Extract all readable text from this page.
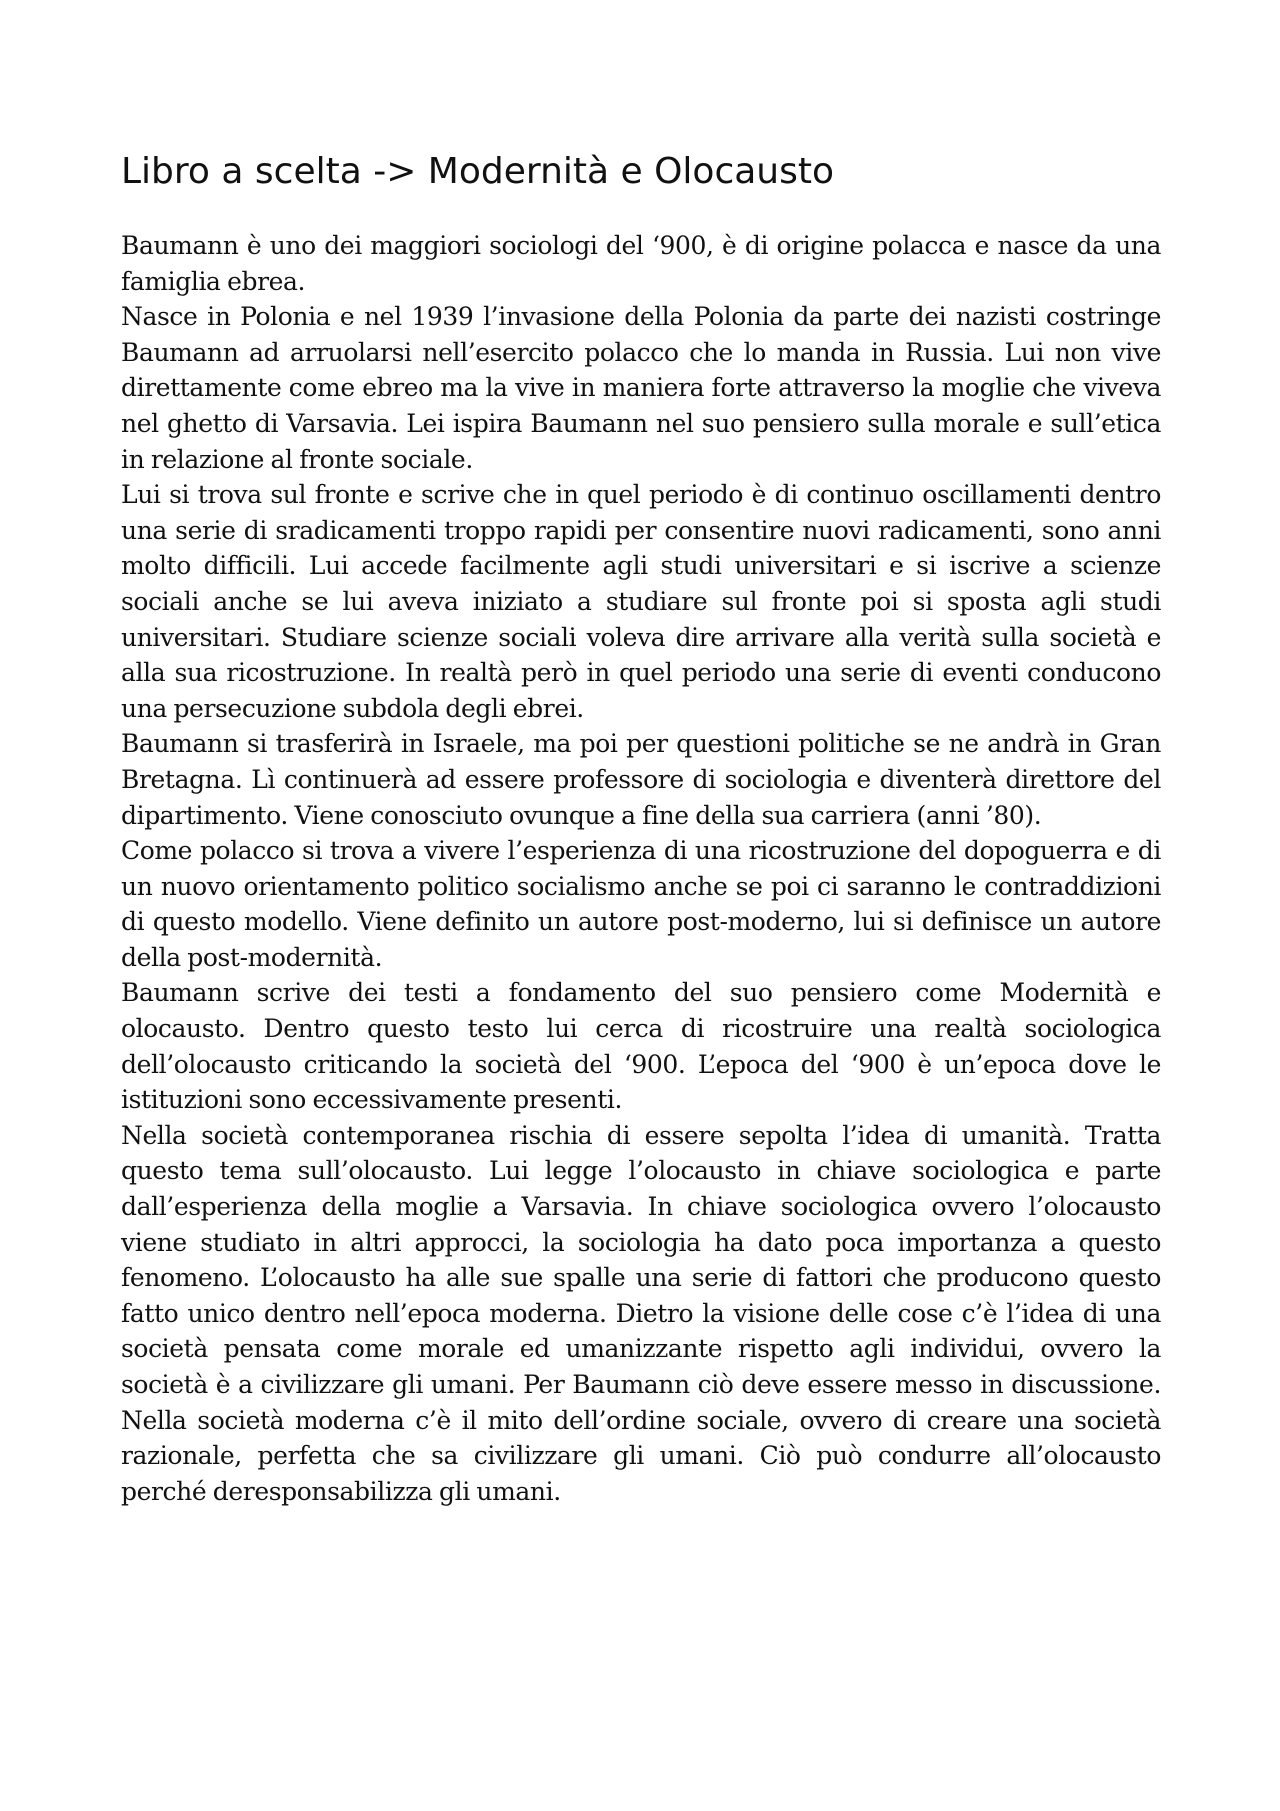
Libro a scelta -> Modernità e Olocausto

Baumann è uno dei maggiori sociologi del ‘900, è di origine polacca e nasce da una famiglia ebrea.

Nasce in Polonia e nel 1939 l’invasione della Polonia da parte dei nazisti costringe Baumann ad arruolarsi nell’esercito polacco che lo manda in Russia. Lui non vive direttamente come ebreo ma la vive in maniera forte attraverso la moglie che viveva nel ghetto di Varsavia. Lei ispira Baumann nel suo pensiero sulla morale e sull’etica in relazione al fronte sociale.

Lui si trova sul fronte e scrive che in quel periodo è di continuo oscillamenti dentro una serie di sradicamenti troppo rapidi per consentire nuovi radicamenti, sono anni molto difficili. Lui accede facilmente agli studi universitari e si iscrive a scienze sociali anche se lui aveva iniziato a studiare sul fronte poi si sposta agli studi universitari. Studiare scienze sociali voleva dire arrivare alla verità sulla società e alla sua ricostruzione. In realtà però in quel periodo una serie di eventi conducono una persecuzione subdola degli ebrei.

Baumann si trasferirà in Israele, ma poi per questioni politiche se ne andrà in Gran Bretagna. Lì continuerà ad essere professore di sociologia e diventerà direttore del dipartimento. Viene conosciuto ovunque a fine della sua carriera (anni ’80).

Come polacco si trova a vivere l’esperienza di una ricostruzione del dopoguerra e di un nuovo orientamento politico socialismo anche se poi ci saranno le contraddizioni di questo modello. Viene definito un autore post-moderno, lui si definisce un autore della post-modernità.

Baumann scrive dei testi a fondamento del suo pensiero come Modernità e olocausto. Dentro questo testo lui cerca di ricostruire una realtà sociologica dell’olocausto criticando la società del ‘900. L’epoca del ‘900 è un’epoca dove le istituzioni sono eccessivamente presenti.

Nella società contemporanea rischia di essere sepolta l’idea di umanità. Tratta questo tema sull’olocausto. Lui legge l’olocausto in chiave sociologica e parte dall’esperienza della moglie a Varsavia. In chiave sociologica ovvero l’olocausto viene studiato in altri approcci, la sociologia ha dato poca importanza a questo fenomeno. L’olocausto ha alle sue spalle una serie di fattori che producono questo fatto unico dentro nell’epoca moderna. Dietro la visione delle cose c’è l’idea di una società pensata come morale ed umanizzante rispetto agli individui, ovvero la società è a civilizzare gli umani. Per Baumann ciò deve essere messo in discussione. Nella società moderna c’è il mito dell’ordine sociale, ovvero di creare una società razionale, perfetta che sa civilizzare gli umani. Ciò può condurre all’olocausto perché deresponsabilizza gli umani.
